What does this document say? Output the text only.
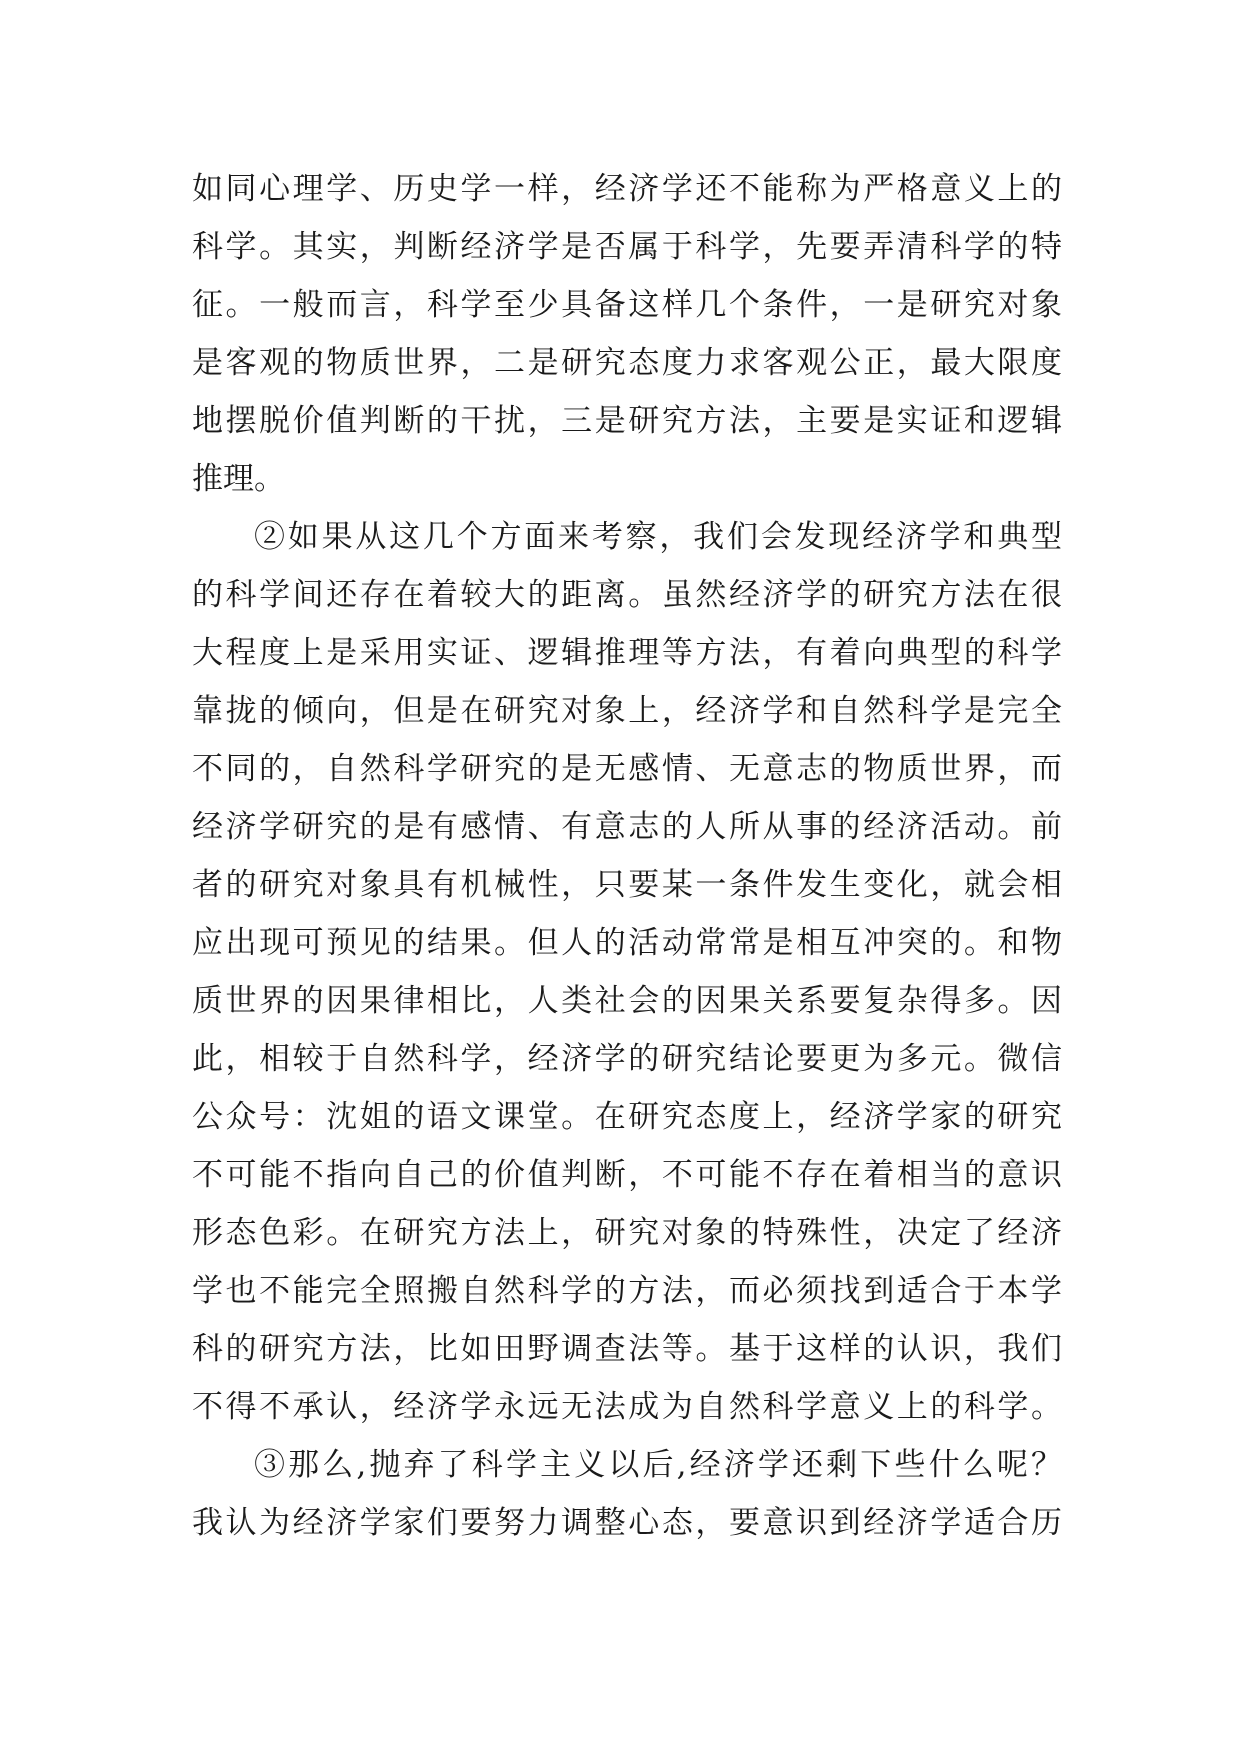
如同心理学、历史学一样，经济学还不能称为严格意义上的
科学。其实，判断经济学是否属于科学，先要弄清科学的特
征。一般而言，科学至少具备这样几个条件，一是研究对象
是客观的物质世界，二是研究态度力求客观公正，最大限度
地摆脱价值判断的干扰，三是研究方法，主要是实证和逻辑
推理。
②如果从这几个方面来考察，我们会发现经济学和典型
的科学间还存在着较大的距离。虽然经济学的研究方法在很
大程度上是采用实证、逻辑推理等方法，有着向典型的科学
靠拢的倾向，但是在研究对象上，经济学和自然科学是完全
不同的，自然科学研究的是无感情、无意志的物质世界，而
经济学研究的是有感情、有意志的人所从事的经济活动。前
者的研究对象具有机械性，只要某一条件发生变化，就会相
应出现可预见的结果。但人的活动常常是相互冲突的。和物
质世界的因果律相比，人类社会的因果关系要复杂得多。因
此，相较于自然科学，经济学的研究结论要更为多元。微信
公众号：沈姐的语文课堂。在研究态度上，经济学家的研究
不可能不指向自己的价值判断，不可能不存在着相当的意识
形态色彩。在研究方法上，研究对象的特殊性，决定了经济
学也不能完全照搬自然科学的方法，而必须找到适合于本学
科的研究方法，比如田野调查法等。基于这样的认识，我们
不得不承认，经济学永远无法成为自然科学意义上的科学。
③那么,抛弃了科学主义以后,经济学还剩下些什么呢？
我认为经济学家们要努力调整心态，要意识到经济学适合历
